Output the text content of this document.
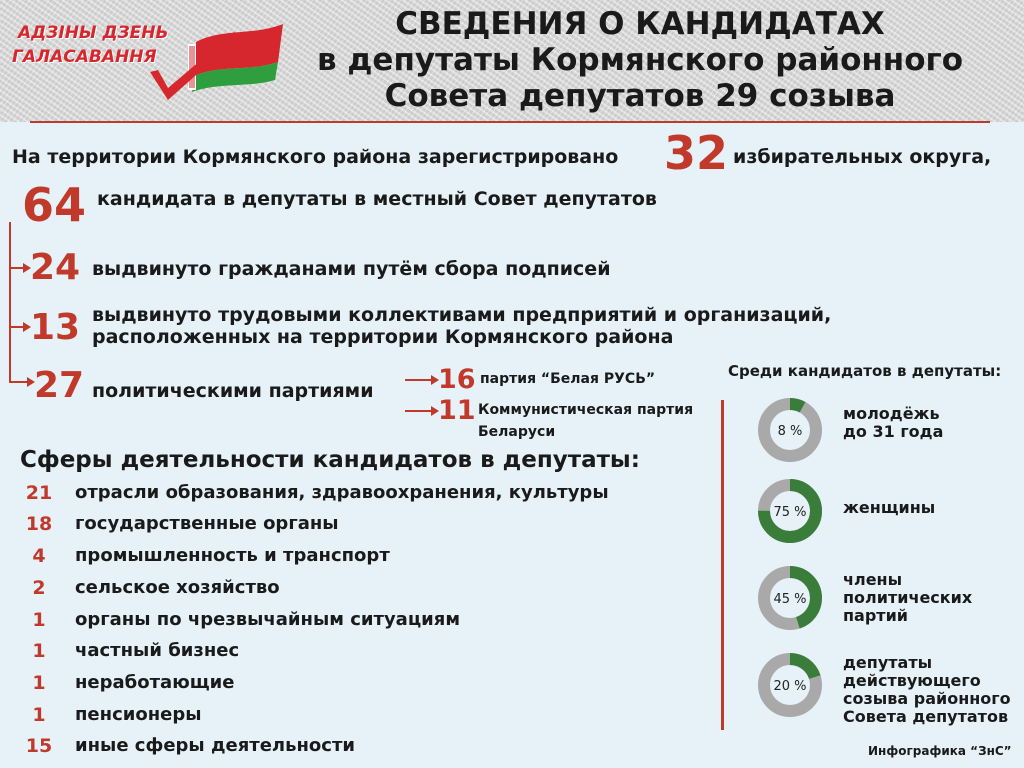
АДЗІНЫ ДЗЕНЬ
ГАЛАСАВАННЯ
СВЕДЕНИЯ О КАНДИДАТАХ
в депутаты Кормянского районного
Совета депутатов 29 созыва
На территории Кормянского района зарегистрировано 32 избирательных округа,
64 кандидата в депутаты в местный Совет депутатов
24 выдвинуто гражданами путём сбора подписей
13 выдвинуто трудовыми коллективами предприятий и организаций,
расположенных на территории Кормянского района
27 политическими партиями 16 партия “Белая РУСЬ”
11 Коммунистическая партия
Беларуси
Сферы деятельности кандидатов в депутаты:
21	отрасли образования, здравоохранения, культуры
18	государственные органы
4	промышленность и транспорт
2	сельское хозяйство
1	органы по чрезвычайным ситуациям
1	частный бизнес
1	неработающие
1	пенсионеры
15	иные сферы деятельности
Среди кандидатов в депутаты:
8 %
молодёжь
до 31 года
75 % женщины
45 %
члены
политических
партий
20 %
депутаты
действующего
созыва районного
Совета депутатов
Инфографика “ЗнС”
